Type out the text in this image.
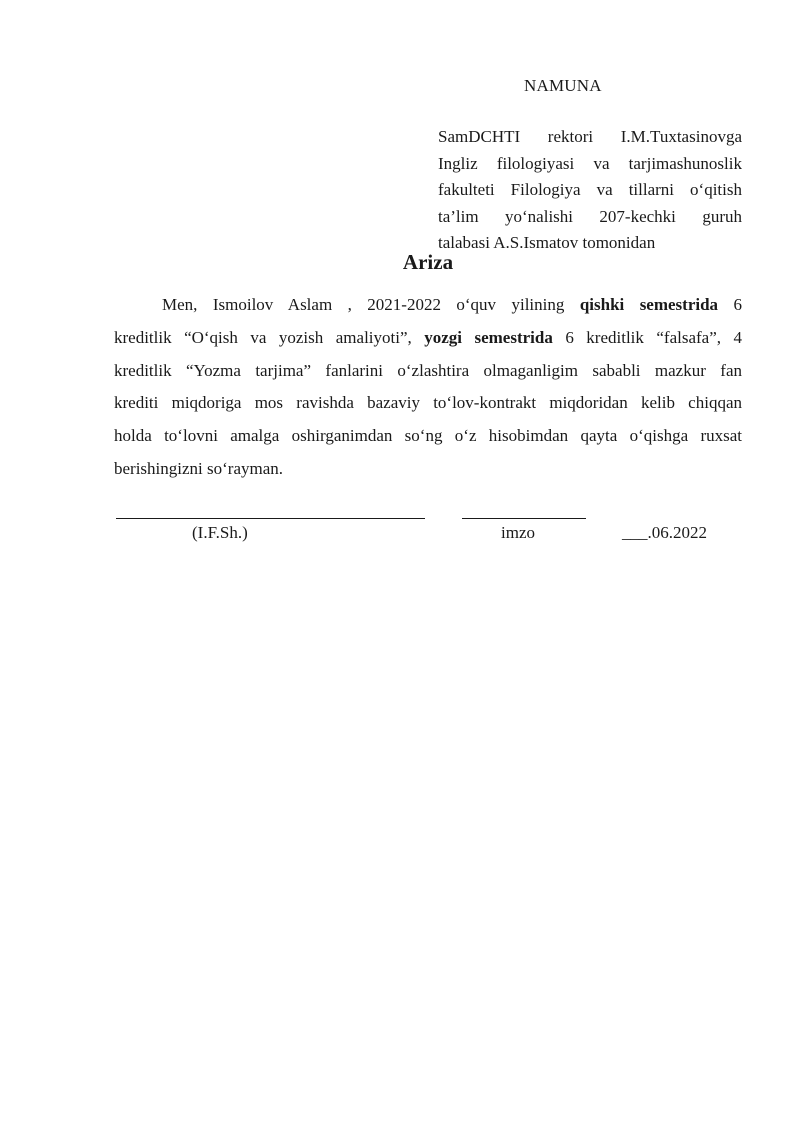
NAMUNA
SamDCHTI rektori I.M.Tuxtasinovga
Ingliz filologiyasi va tarjimashunoslik
fakulteti Filologiya va tillarni o‘qitish
ta’lim yo‘nalishi 207-kechki guruh
talabasi A.S.Ismatov tomonidan
Ariza
Men, Ismoilov Aslam , 2021-2022 o‘quv yilining qishki semestrida 6
kreditlik “O‘qish va yozish amaliyoti”, yozgi semestrida 6 kreditlik “falsafa”, 4
kreditlik “Yozma tarjima” fanlarini o‘zlashtira olmaganligim sababli mazkur fan
krediti miqdoriga mos ravishda bazaviy to‘lov-kontrakt miqdoridan kelib chiqqan
holda to‘lovni amalga oshirganimdan so‘ng o‘z hisobimdan qayta o‘qishga ruxsat
berishingizni so‘rayman.
(I.F.Sh.)	imzo	___.06.2022
